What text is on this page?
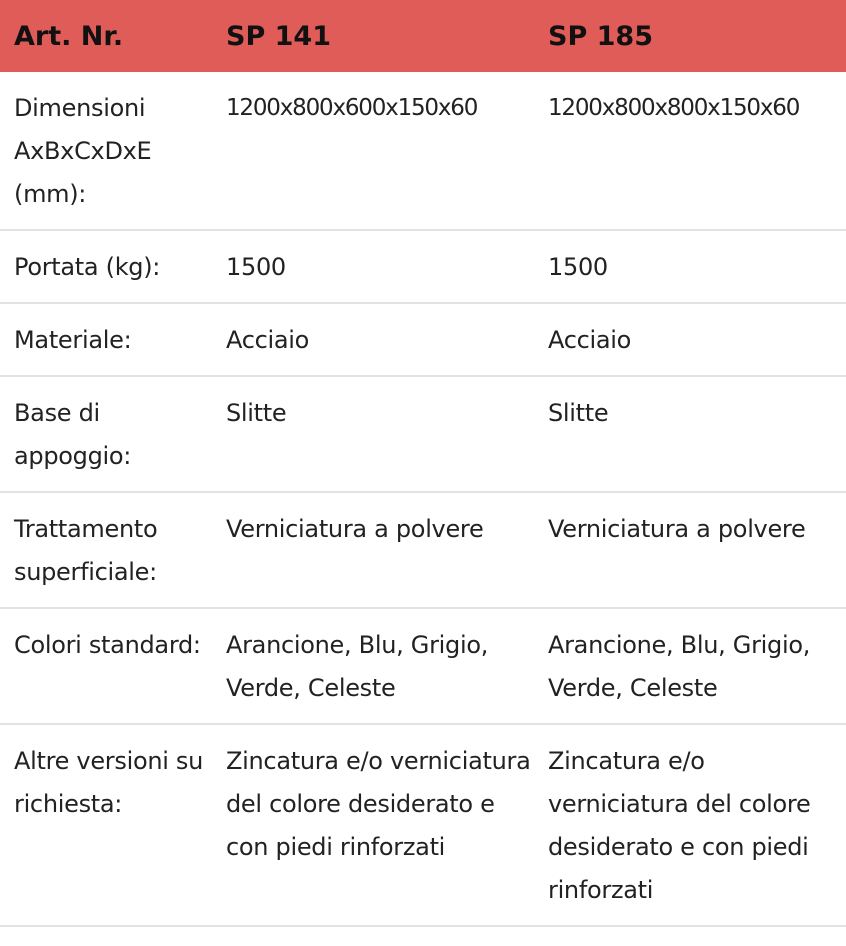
Art. Nr.	SP 141	SP 185
Dimensioni AxBxCxDxE (mm):	1200x800x600x150x60	1200x800x800x150x60
Portata (kg):	1500	1500
Materiale:	Acciaio	Acciaio
Base di appoggio:	Slitte	Slitte
Trattamento superficiale:	Verniciatura a polvere	Verniciatura a polvere
Colori standard:	Arancione, Blu, Grigio, Verde, Celeste	Arancione, Blu, Grigio, Verde, Celeste
Altre versioni su richiesta:	Zincatura e/o verniciatura del colore desiderato e con piedi rinforzati	Zincatura e/o verniciatura del colore desiderato e con piedi rinforzati
